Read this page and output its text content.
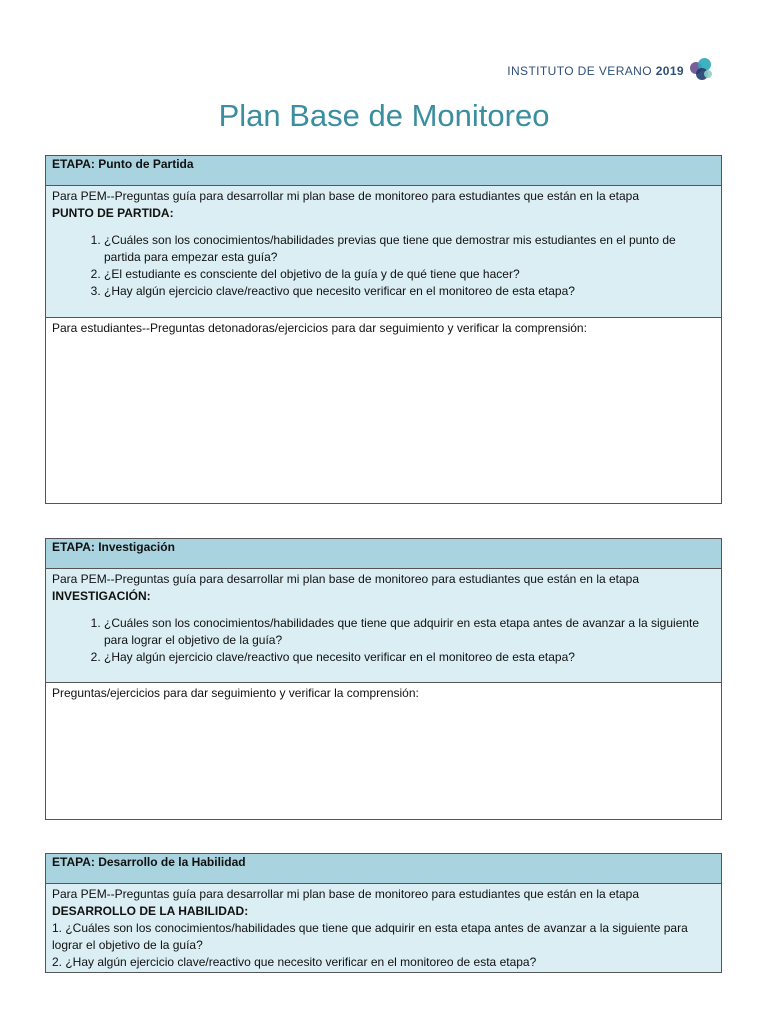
INSTITUTO DE VERANO 2019
Plan Base de Monitoreo
ETAPA: Punto de Partida
Para PEM--Preguntas guía para desarrollar mi plan base de monitoreo para estudiantes que están en la etapa
PUNTO DE PARTIDA:
1. ¿Cuáles son los conocimientos/habilidades previas que tiene que demostrar mis estudiantes en el punto de partida para empezar esta guía?
2. ¿El estudiante es consciente del objetivo de la guía y de qué tiene que hacer?
3. ¿Hay algún ejercicio clave/reactivo que necesito verificar en el monitoreo de esta etapa?
Para estudiantes--Preguntas detonadoras/ejercicios para dar seguimiento y verificar la comprensión:
ETAPA: Investigación
Para PEM--Preguntas guía para desarrollar mi plan base de monitoreo para estudiantes que están en la etapa
INVESTIGACIÓN:
1. ¿Cuáles son los conocimientos/habilidades que tiene que adquirir en esta etapa antes de avanzar a la siguiente para lograr el objetivo de la guía?
2. ¿Hay algún ejercicio clave/reactivo que necesito verificar en el monitoreo de esta etapa?
Preguntas/ejercicios para dar seguimiento y verificar la comprensión:
ETAPA: Desarrollo de la Habilidad
Para PEM--Preguntas guía para desarrollar mi plan base de monitoreo para estudiantes que están en la etapa
DESARROLLO DE LA HABILIDAD:
1. ¿Cuáles son los conocimientos/habilidades que tiene que adquirir en esta etapa antes de avanzar a la siguiente para lograr el objetivo de la guía?
2. ¿Hay algún ejercicio clave/reactivo que necesito verificar en el monitoreo de esta etapa?
